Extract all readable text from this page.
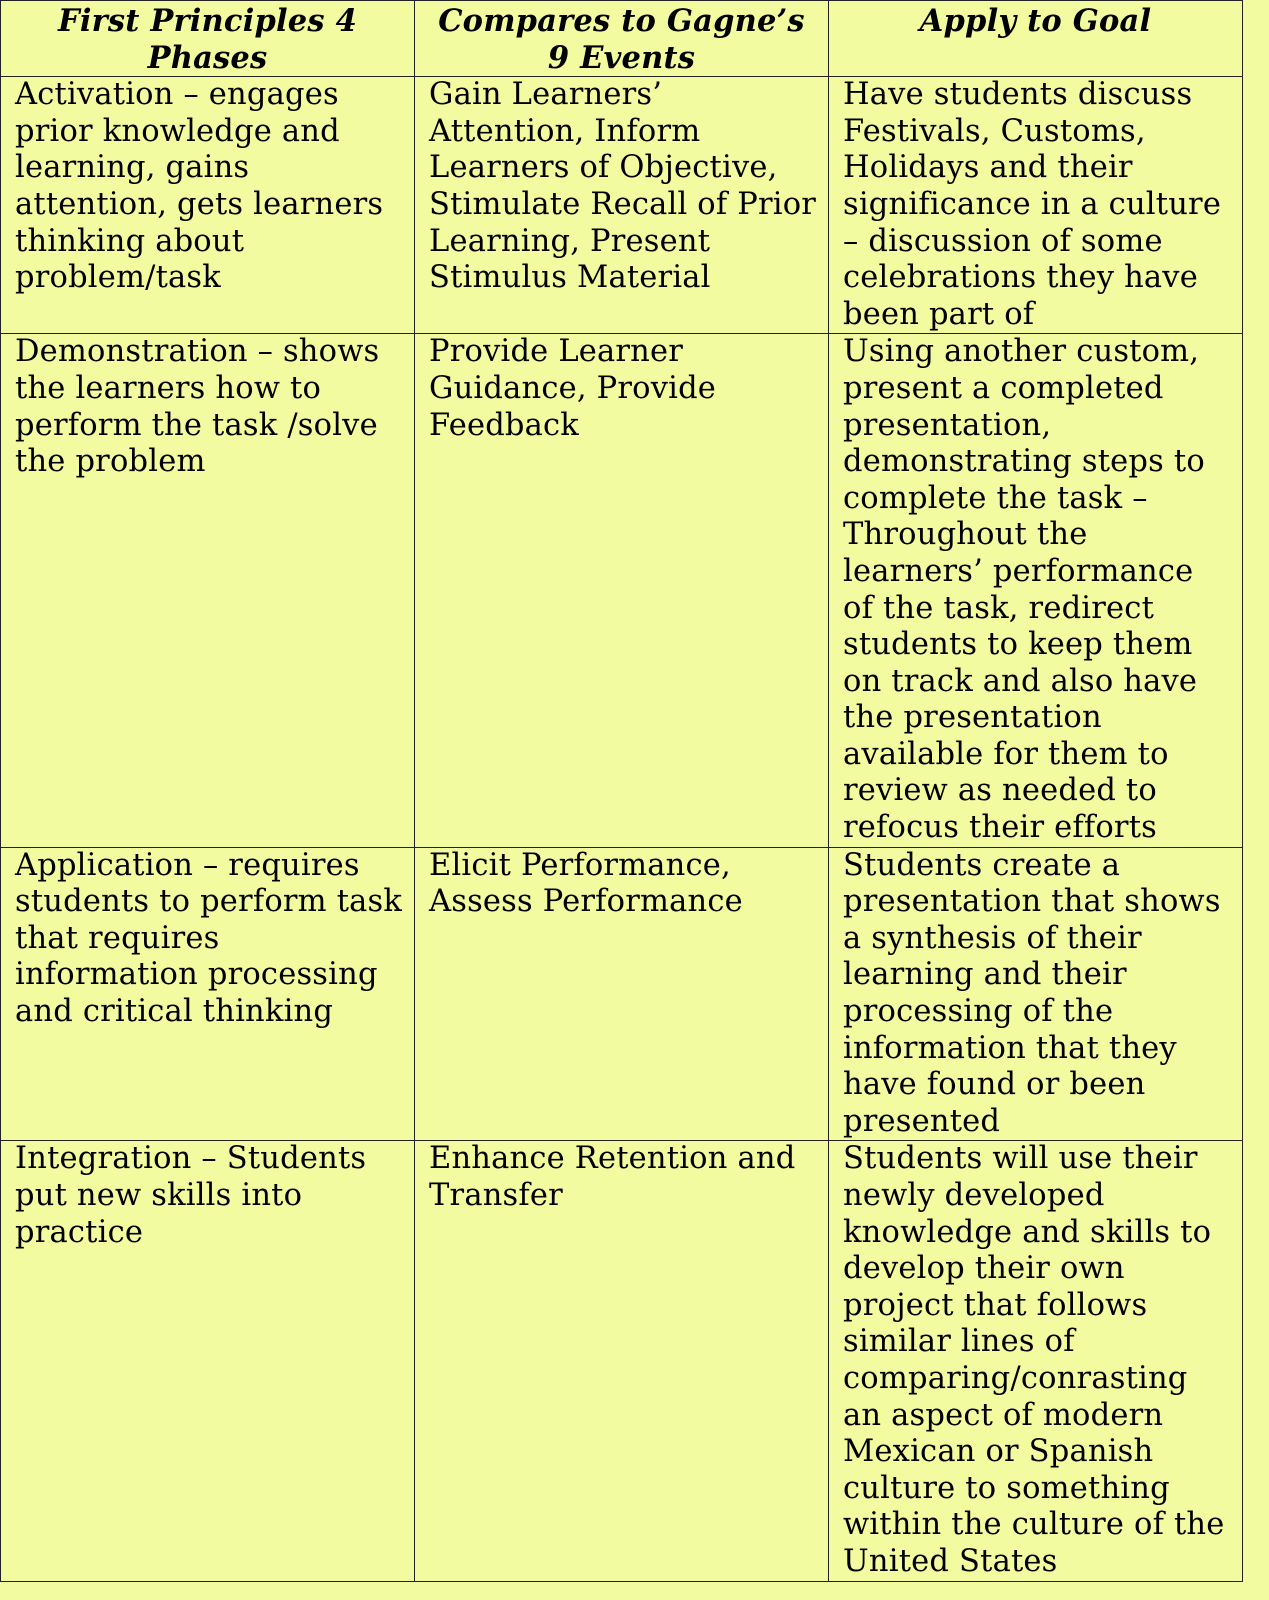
First Principles 4 Phases	Compares to Gagne’s 9 Events	Apply to Goal
Activation – engages prior knowledge and learning, gains attention, gets learners thinking about problem/task	Gain Learners’ Attention, Inform Learners of Objective, Stimulate Recall of Prior Learning, Present Stimulus Material	Have students discuss Festivals, Customs, Holidays and their significance in a culture – discussion of some celebrations they have been part of
Demonstration – shows the learners how to perform the task /solve the problem	Provide Learner Guidance, Provide Feedback	Using another custom, present a completed presentation, demonstrating steps to complete the task – Throughout the learners’ performance of the task, redirect students to keep them on track and also have the presentation available for them to review as needed to refocus their efforts
Application – requires students to perform task that requires information processing and critical thinking	Elicit Performance, Assess Performance	Students create a presentation that shows a synthesis of their learning and their processing of the information that they have found or been presented
Integration – Students put new skills into practice	Enhance Retention and Transfer	Students will use their newly developed knowledge and skills to develop their own project that follows similar lines of comparing/conrasting an aspect of modern Mexican or Spanish culture to something within the culture of the United States
